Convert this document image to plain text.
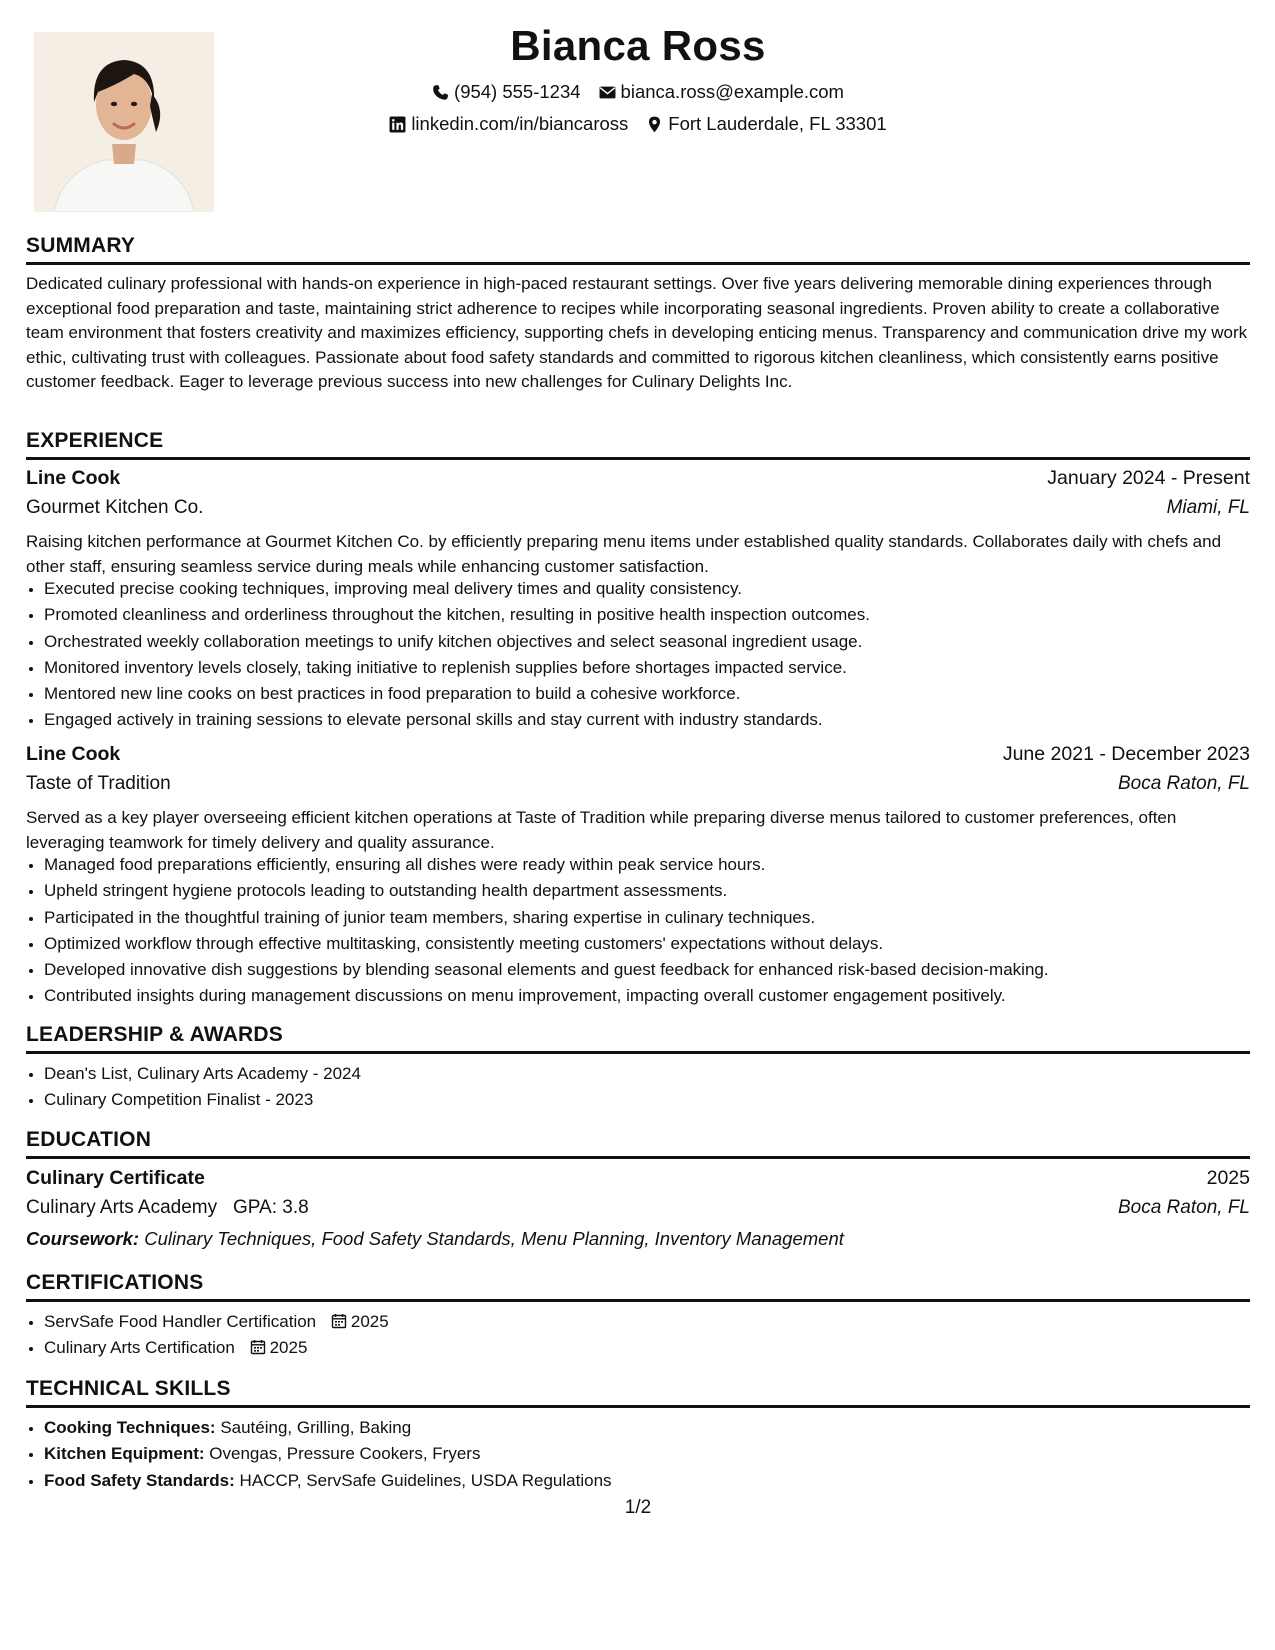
Bianca Ross
(954) 555-1234 bianca.ross@example.com
linkedin.com/in/biancaross Fort Lauderdale, FL 33301
SUMMARY
Dedicated culinary professional with hands-on experience in high-paced restaurant settings. Over five years delivering memorable dining experiences through exceptional food preparation and taste, maintaining strict adherence to recipes while incorporating seasonal ingredients. Proven ability to create a collaborative team environment that fosters creativity and maximizes efficiency, supporting chefs in developing enticing menus. Transparency and communication drive my work ethic, cultivating trust with colleagues. Passionate about food safety standards and committed to rigorous kitchen cleanliness, which consistently earns positive customer feedback. Eager to leverage previous success into new challenges for Culinary Delights Inc.
EXPERIENCE
Line Cook	January 2024 - Present
Gourmet Kitchen Co.	Miami, FL
Raising kitchen performance at Gourmet Kitchen Co. by efficiently preparing menu items under established quality standards. Collaborates daily with chefs and other staff, ensuring seamless service during meals while enhancing customer satisfaction.
• Executed precise cooking techniques, improving meal delivery times and quality consistency.
• Promoted cleanliness and orderliness throughout the kitchen, resulting in positive health inspection outcomes.
• Orchestrated weekly collaboration meetings to unify kitchen objectives and select seasonal ingredient usage.
• Monitored inventory levels closely, taking initiative to replenish supplies before shortages impacted service.
• Mentored new line cooks on best practices in food preparation to build a cohesive workforce.
• Engaged actively in training sessions to elevate personal skills and stay current with industry standards.
Line Cook	June 2021 - December 2023
Taste of Tradition	Boca Raton, FL
Served as a key player overseeing efficient kitchen operations at Taste of Tradition while preparing diverse menus tailored to customer preferences, often leveraging teamwork for timely delivery and quality assurance.
• Managed food preparations efficiently, ensuring all dishes were ready within peak service hours.
• Upheld stringent hygiene protocols leading to outstanding health department assessments.
• Participated in the thoughtful training of junior team members, sharing expertise in culinary techniques.
• Optimized workflow through effective multitasking, consistently meeting customers' expectations without delays.
• Developed innovative dish suggestions by blending seasonal elements and guest feedback for enhanced risk-based decision-making.
• Contributed insights during management discussions on menu improvement, impacting overall customer engagement positively.
LEADERSHIP & AWARDS
• Dean's List, Culinary Arts Academy - 2024
• Culinary Competition Finalist - 2023
EDUCATION
Culinary Certificate	2025
Culinary Arts Academy GPA: 3.8	Boca Raton, FL
Coursework: Culinary Techniques, Food Safety Standards, Menu Planning, Inventory Management
CERTIFICATIONS
• ServSafe Food Handler Certification 2025
• Culinary Arts Certification 2025
TECHNICAL SKILLS
• Cooking Techniques: Sautéing, Grilling, Baking
• Kitchen Equipment: Ovengas, Pressure Cookers, Fryers
• Food Safety Standards: HACCP, ServSafe Guidelines, USDA Regulations
1/2
